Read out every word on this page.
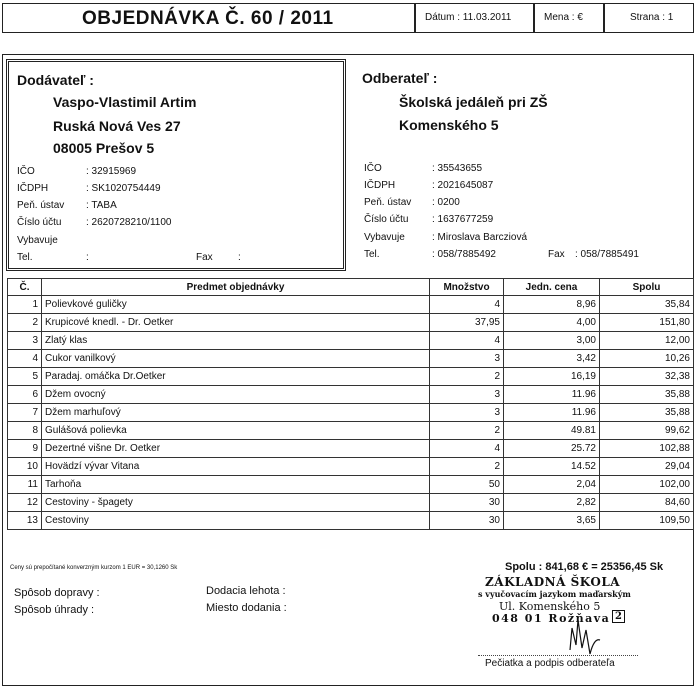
OBJEDNÁVKA Č. 60 / 2011	Dátum : 11.03.2011	Mena : €	Strana : 1
Dodávateľ :
Vaspo-Vlastimil Artim
Ruská Nová Ves 27
08005 Prešov 5
IČO	: 32915969
IČDPH	: SK1020754449
Peň. ústav : TABA
Číslo účtu : 2620728210/1100
Vybavuje
Tel.	:	Fax	:
Odberateľ :
Školská jedáleň pri ZŠ
Komenského 5
IČO	: 35543655
IČDPH	: 2021645087
Peň. ústav : 0200
Číslo účtu : 1637677259
Vybavuje	: Miroslava Barcziová
Tel.	: 058/7885492	Fax : 058/7885491
Č.	Predmet objednávky	Množstvo	Jedn. cena	Spolu
1	Polievkové guličky	4	8,96	35,84
2	Krupicové knedl. - Dr. Oetker	37,95	4,00	151,80
3	Zlatý klas	4	3,00	12,00
4	Cukor vanilkový	3	3,42	10,26
5	Paradaj. omáčka Dr.Oetker	2	16,19	32,38
6	Džem ovocný	3	11.96	35,88
7	Džem marhuľový	3	11.96	35,88
8	Gulášová polievka	2	49.81	99,62
9	Dezertné višne Dr. Oetker	4	25.72	102,88
10	Hovädzí vývar Vitana	2	14.52	29,04
11	Tarhoňa	50	2,04	102,00
12	Cestoviny - špagety	30	2,82	84,60
13	Cestoviny	30	3,65	109,50
Ceny sú prepočítané konverzným kurzom 1 EUR = 30,1260 Sk	Spolu : 841,68 € = 25356,45 Sk
Spôsob dopravy :
Spôsob úhrady :
Dodacia lehota :
Miesto dodania :
ZÁKLADNÁ ŠKOLA
s vyučovacím jazykom maďarským
Ul. Komenského 5
048 01 Rožňava 2
Pečiatka a podpis odberateľa
